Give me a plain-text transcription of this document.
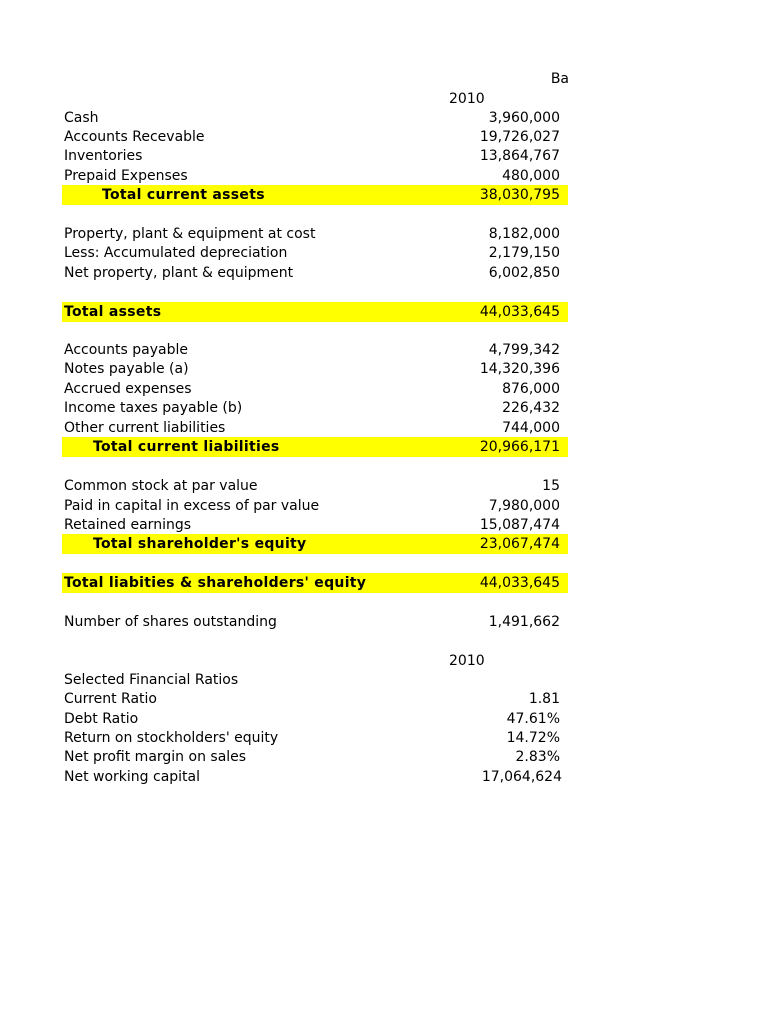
Ba
2010
Cash	3,960,000
Accounts Recevable	19,726,027
Inventories	13,864,767
Prepaid Expenses	480,000
Total current assets	38,030,795
Property, plant & equipment at cost	8,182,000
Less: Accumulated depreciation	2,179,150
Net property, plant & equipment	6,002,850
Total assets	44,033,645
Accounts payable	4,799,342
Notes payable (a)	14,320,396
Accrued expenses	876,000
Income taxes payable (b)	226,432
Other current liabilities	744,000
Total current liabilities	20,966,171
Common stock at par value	15
Paid in capital in excess of par value	7,980,000
Retained earnings	15,087,474
Total shareholder's equity	23,067,474
Total liabities & shareholders' equity	44,033,645
Number of shares outstanding	1,491,662
2010
Selected Financial Ratios
Current Ratio	1.81
Debt Ratio	47.61%
Return on stockholders' equity	14.72%
Net profit margin on sales	2.83%
Net working capital	17,064,624
